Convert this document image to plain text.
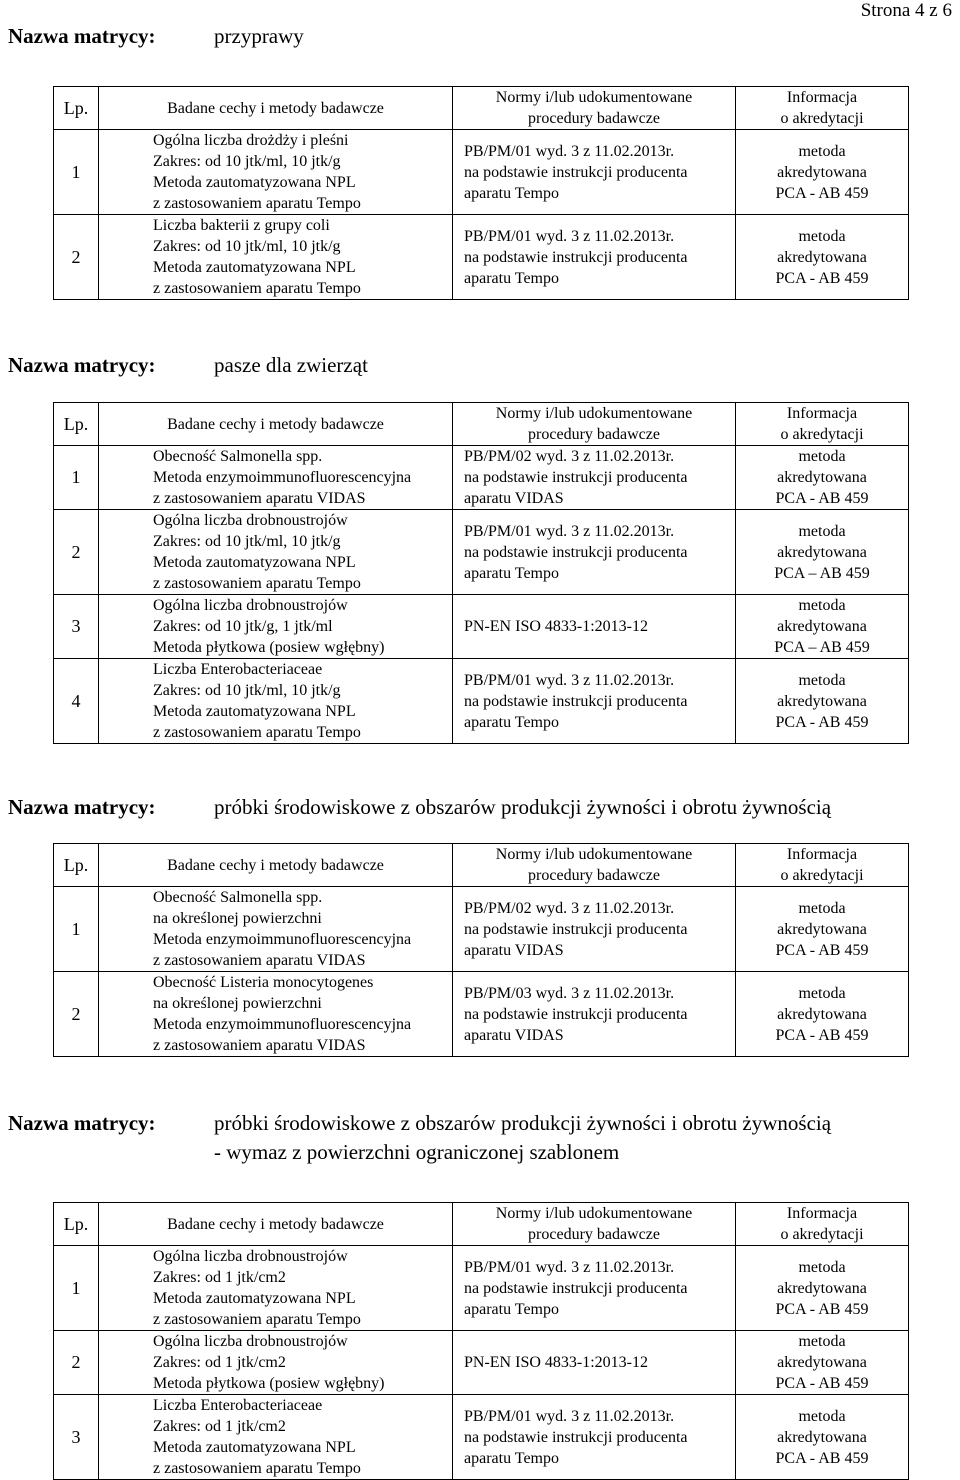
Strona 4 z 6
Nazwa matrycy:	przyprawy
Lp.	Badane cechy i metody badawcze	Normy i/lub udokumentowane
procedury badawcze	Informacja
o akredytacji

1	Ogólna liczba drożdży i pleśni
Zakres: od 10 jtk/ml, 10 jtk/g
Metoda zautomatyzowana NPL
z zastosowaniem aparatu Tempo	PB/PM/01 wyd. 3 z 11.02.2013r.
na podstawie instrukcji producenta
aparatu Tempo	metoda
akredytowana
PCA - AB 459

2	Liczba bakterii z grupy coli
Zakres: od 10 jtk/ml, 10 jtk/g
Metoda zautomatyzowana NPL
z zastosowaniem aparatu Tempo	PB/PM/01 wyd. 3 z 11.02.2013r.
na podstawie instrukcji producenta
aparatu Tempo	metoda
akredytowana
PCA - AB 459
Nazwa matrycy:	pasze dla zwierząt
Lp.	Badane cechy i metody badawcze	Normy i/lub udokumentowane
procedury badawcze	Informacja
o akredytacji

1	Obecność Salmonella spp.
Metoda enzymoimmunofluorescencyjna
z zastosowaniem aparatu VIDAS	PB/PM/02 wyd. 3 z 11.02.2013r.
na podstawie instrukcji producenta
aparatu VIDAS	metoda
akredytowana
PCA - AB 459

2	Ogólna liczba drobnoustrojów
Zakres: od 10 jtk/ml, 10 jtk/g
Metoda zautomatyzowana NPL
z zastosowaniem aparatu Tempo	PB/PM/01 wyd. 3 z 11.02.2013r.
na podstawie instrukcji producenta
aparatu Tempo	metoda
akredytowana
PCA – AB 459

3	Ogólna liczba drobnoustrojów
Zakres: od 10 jtk/g, 1 jtk/ml
Metoda płytkowa (posiew wgłębny)	PN-EN ISO 4833-1:2013-12	metoda
akredytowana
PCA – AB 459

4	Liczba Enterobacteriaceae
Zakres: od 10 jtk/ml, 10 jtk/g
Metoda zautomatyzowana NPL
z zastosowaniem aparatu Tempo	PB/PM/01 wyd. 3 z 11.02.2013r.
na podstawie instrukcji producenta
aparatu Tempo	metoda
akredytowana
PCA - AB 459
Nazwa matrycy:	próbki środowiskowe z obszarów produkcji żywności i obrotu żywnością
Lp.	Badane cechy i metody badawcze	Normy i/lub udokumentowane
procedury badawcze	Informacja
o akredytacji

1	Obecność Salmonella spp.
na określonej powierzchni
Metoda enzymoimmunofluorescencyjna
z zastosowaniem aparatu VIDAS	PB/PM/02 wyd. 3 z 11.02.2013r.
na podstawie instrukcji producenta
aparatu VIDAS	metoda
akredytowana
PCA - AB 459

2	Obecność Listeria monocytogenes
na określonej powierzchni
Metoda enzymoimmunofluorescencyjna
z zastosowaniem aparatu VIDAS	PB/PM/03 wyd. 3 z 11.02.2013r.
na podstawie instrukcji producenta
aparatu VIDAS	metoda
akredytowana
PCA - AB 459
Nazwa matrycy:	próbki środowiskowe z obszarów produkcji żywności i obrotu żywnością
- wymaz z powierzchni ograniczonej szablonem
Lp.	Badane cechy i metody badawcze	Normy i/lub udokumentowane
procedury badawcze	Informacja
o akredytacji

1	Ogólna liczba drobnoustrojów
Zakres: od 1 jtk/cm2
Metoda zautomatyzowana NPL
z zastosowaniem aparatu Tempo	PB/PM/01 wyd. 3 z 11.02.2013r.
na podstawie instrukcji producenta
aparatu Tempo	metoda
akredytowana
PCA - AB 459

2	Ogólna liczba drobnoustrojów
Zakres: od 1 jtk/cm2
Metoda płytkowa (posiew wgłębny)	PN-EN ISO 4833-1:2013-12	metoda
akredytowana
PCA - AB 459

3	Liczba Enterobacteriaceae
Zakres: od 1 jtk/cm2
Metoda zautomatyzowana NPL
z zastosowaniem aparatu Tempo	PB/PM/01 wyd. 3 z 11.02.2013r.
na podstawie instrukcji producenta
aparatu Tempo	metoda
akredytowana
PCA - AB 459
